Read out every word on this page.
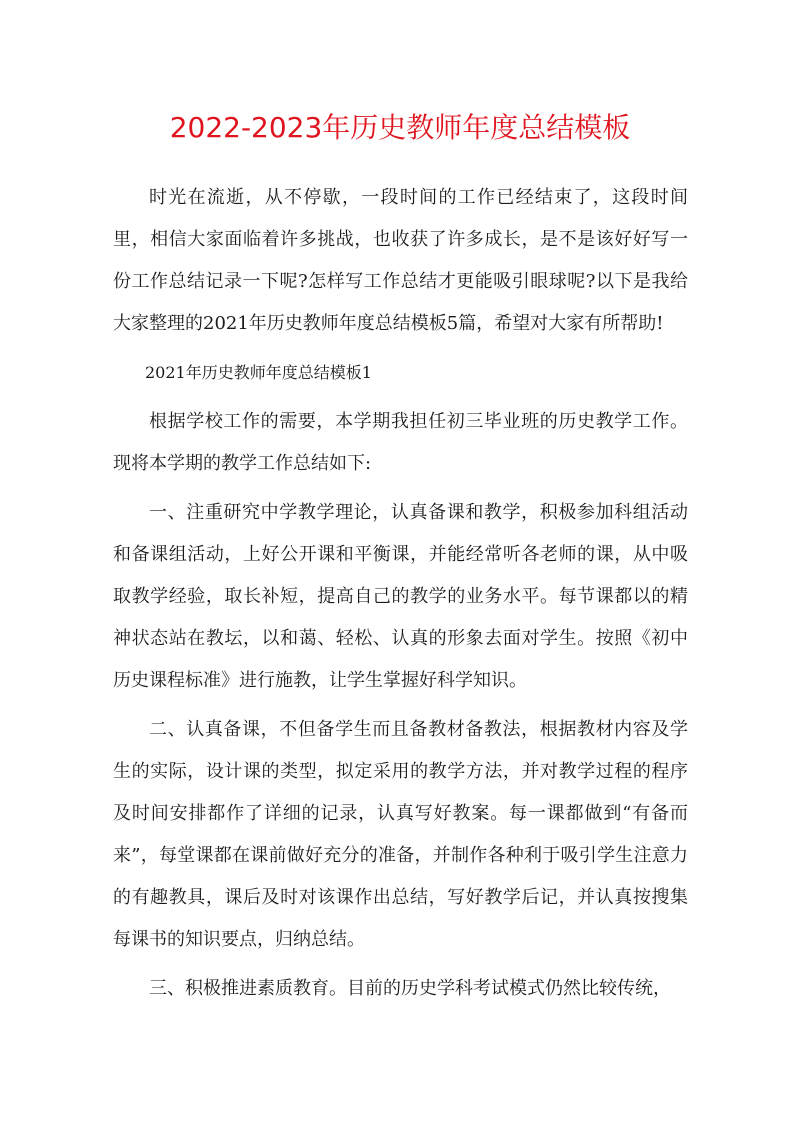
2022-2023年历史教师年度总结模板

时光在流逝，从不停歇，一段时间的工作已经结束了，这段时间里，相信大家面临着许多挑战，也收获了许多成长，是不是该好好写一份工作总结记录一下呢?怎样写工作总结才更能吸引眼球呢?以下是我给大家整理的2021年历史教师年度总结模板5篇，希望对大家有所帮助!

2021年历史教师年度总结模板1

根据学校工作的需要，本学期我担任初三毕业班的历史教学工作。现将本学期的教学工作总结如下:

一、注重研究中学教学理论，认真备课和教学，积极参加科组活动和备课组活动，上好公开课和平衡课，并能经常听各老师的课，从中吸取教学经验，取长补短，提高自己的教学的业务水平。每节课都以的精神状态站在教坛，以和蔼、轻松、认真的形象去面对学生。按照《初中历史课程标准》进行施教，让学生掌握好科学知识。

二、认真备课，不但备学生而且备教材备教法，根据教材内容及学生的实际，设计课的类型，拟定采用的教学方法，并对教学过程的程序及时间安排都作了详细的记录，认真写好教案。每一课都做到“有备而来”，每堂课都在课前做好充分的准备，并制作各种利于吸引学生注意力的有趣教具，课后及时对该课作出总结，写好教学后记，并认真按搜集每课书的知识要点，归纳总结。

三、积极推进素质教育。目前的历史学科考试模式仍然比较传统，
